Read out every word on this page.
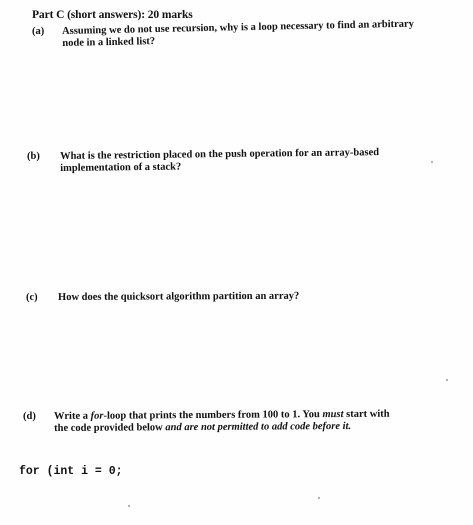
Part C (short answers): 20 marks
(a) Assuming we do not use recursion, why is a loop necessary to find an arbitrary
node in a linked list?
(b) What is the restriction placed on the push operation for an array-based
implementation of a stack?
(c) How does the quicksort algorithm partition an array?
(d) Write a for-loop that prints the numbers from 100 to 1. You must start with
the code provided below and are not permitted to add code before it.
for (int i = 0;
